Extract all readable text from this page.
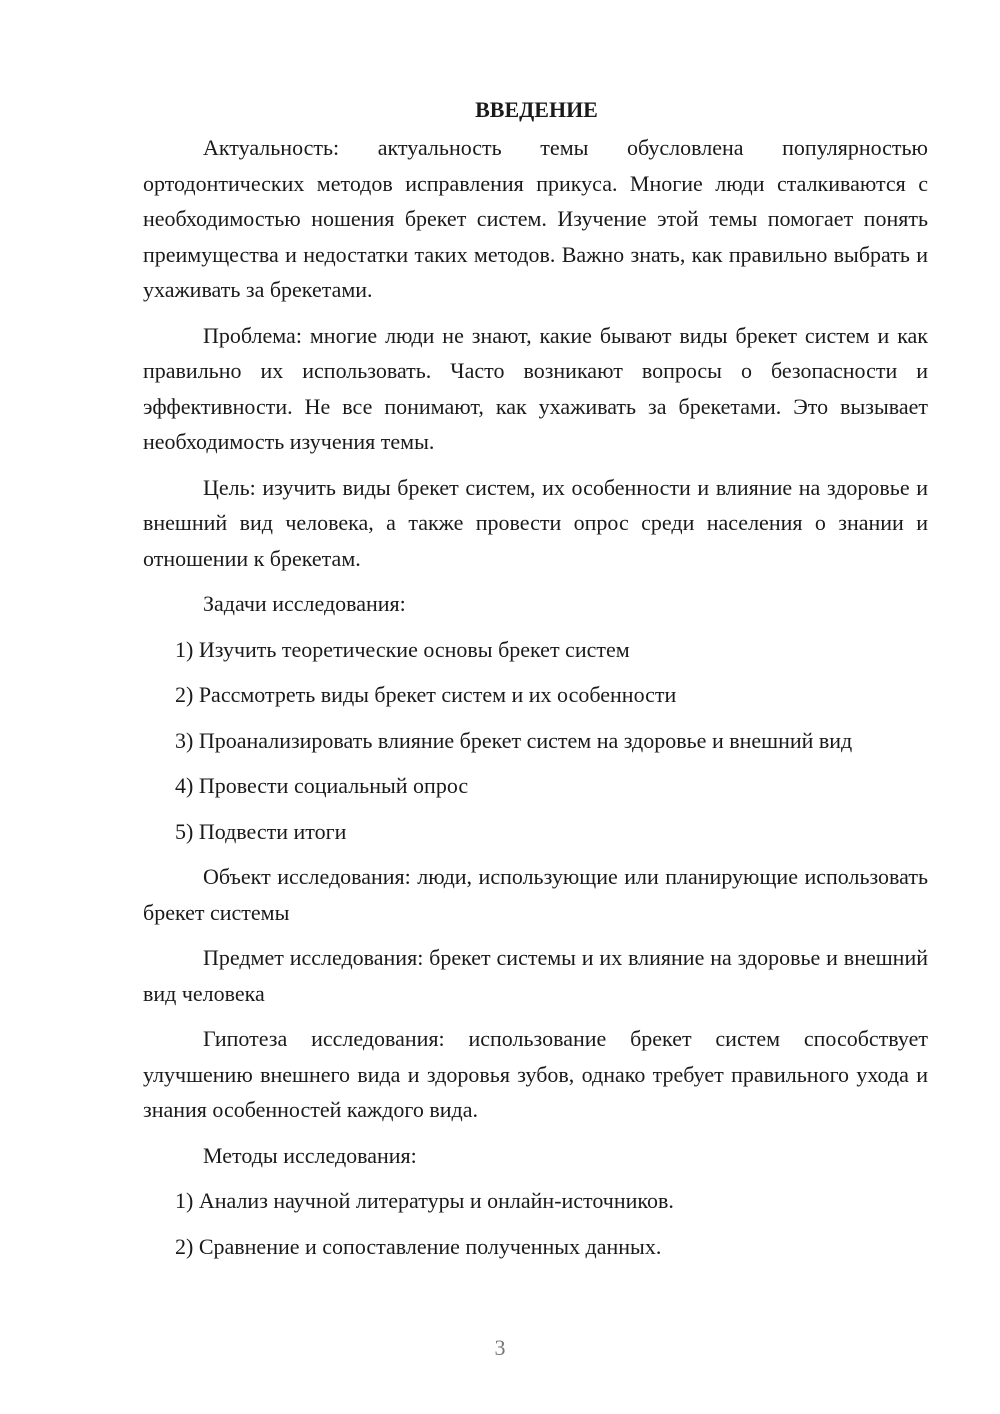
ВВЕДЕНИЕ

Актуальность: актуальность темы обусловлена популярностью ортодонтических методов исправления прикуса. Многие люди сталкиваются с необходимостью ношения брекет систем. Изучение этой темы помогает понять преимущества и недостатки таких методов. Важно знать, как правильно выбрать и ухаживать за брекетами.

Проблема: многие люди не знают, какие бывают виды брекет систем и как правильно их использовать. Часто возникают вопросы о безопасности и эффективности. Не все понимают, как ухаживать за брекетами. Это вызывает необходимость изучения темы.

Цель: изучить виды брекет систем, их особенности и влияние на здоровье и внешний вид человека, а также провести опрос среди населения о знании и отношении к брекетам.

Задачи исследования:

1) Изучить теоретические основы брекет систем

2) Рассмотреть виды брекет систем и их особенности

3) Проанализировать влияние брекет систем на здоровье и внешний вид

4) Провести социальный опрос

5) Подвести итоги

Объект исследования: люди, использующие или планирующие использовать брекет системы

Предмет исследования: брекет системы и их влияние на здоровье и внешний вид человека

Гипотеза исследования: использование брекет систем способствует улучшению внешнего вида и здоровья зубов, однако требует правильного ухода и знания особенностей каждого вида.

Методы исследования:

1) Анализ научной литературы и онлайн-источников.

2) Сравнение и сопоставление полученных данных.

3
